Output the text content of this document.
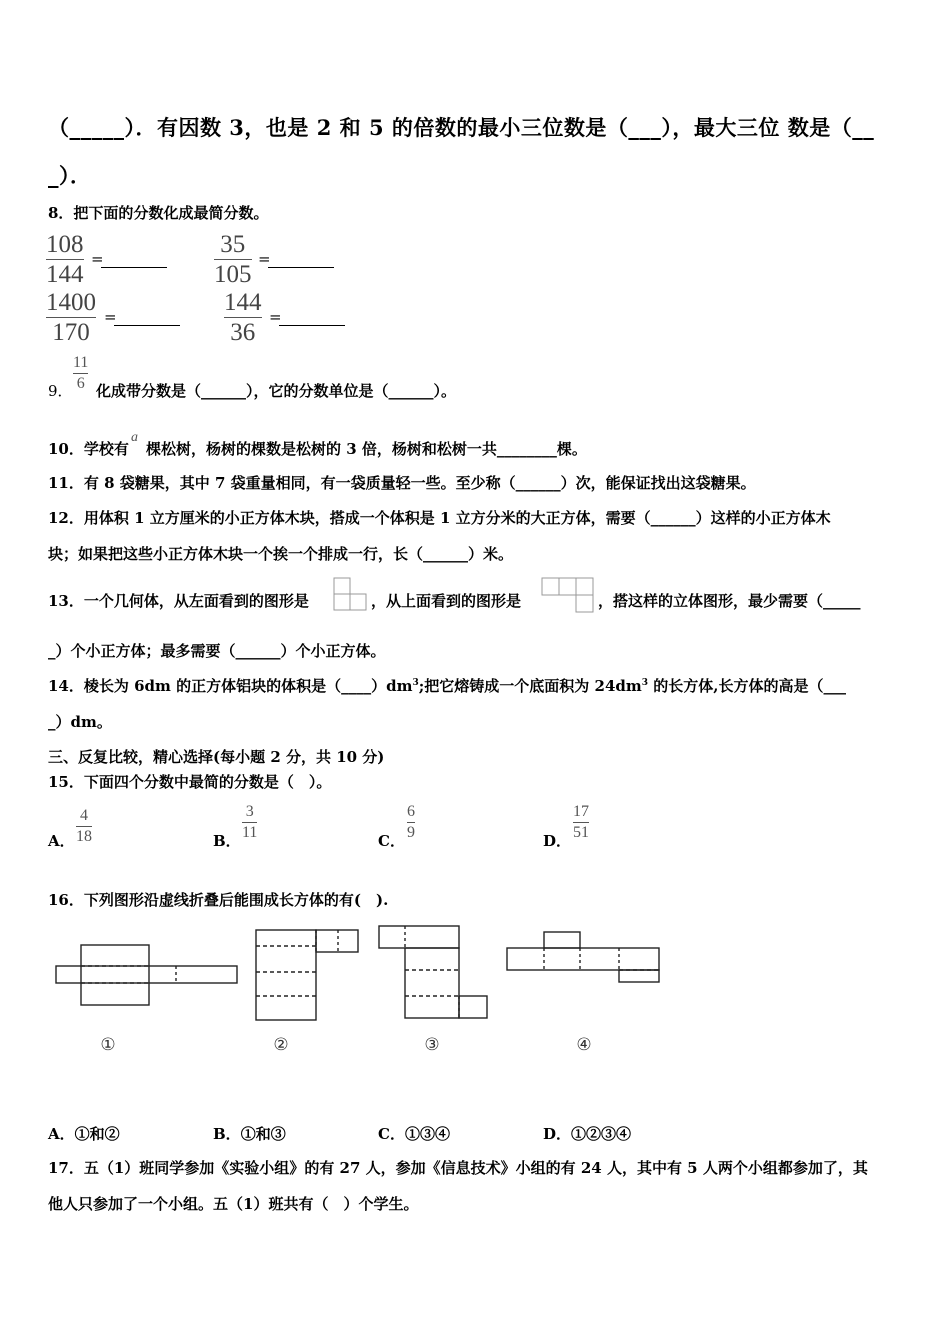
（_____）．有因数 3，也是 2 和 5 的倍数的最小三位数是（___），最大三位 数是（__
_）．
8．把下面的分数化成最简分数。
108
144
=
35
105
=
1400
170
=
144
36
=
9．
11
6 化成带分数是（______），它的分数单位是（______）。
10．学校有
a
棵松树，杨树的棵数是松树的 3 倍，杨树和松树一共________棵。
11．有 8 袋糖果，其中 7 袋重量相同，有一袋质量轻一些。至少称（______）次，能保证找出这袋糖果。
12．用体积 1 立方厘米的小正方体木块，搭成一个体积是 1 立方分米的大正方体，需要（______）这样的小正方体木
块；如果把这些小正方体木块一个挨一个排成一行，长（______）米。
13．一个几何体，从左面看到的图形是	，从上面看到的图形是	，搭这样的立体图形，最少需要（_____
_）个小正方体；最多需要（______）个小正方体。
14．棱长为 6dm 的正方体铝块的体积是$(\_\_\_\_)dm^3$;把它熔铸成一个底面积为 $24dm^3$ 的长方体,长方体的高是（___
_）dm。
三、反复比较，精心选择(每小题 2 分，共 10 分)
15．下面四个分数中最简的分数是（　）。
A．
4
18	B．
3
11	C．
6
9	D．
17
51
16．下列图形沿虚线折叠后能围成长方体的有(　).
①	②	③	④
A．①和②	B．①和③	C．①③④	D．①②③④
17．五（1）班同学参加《实验小组》的有 27 人，参加《信息技术》小组的有 24 人，其中有 5 人两个小组都参加了，其
他人只参加了一个小组。五（1）班共有（　）个学生。
